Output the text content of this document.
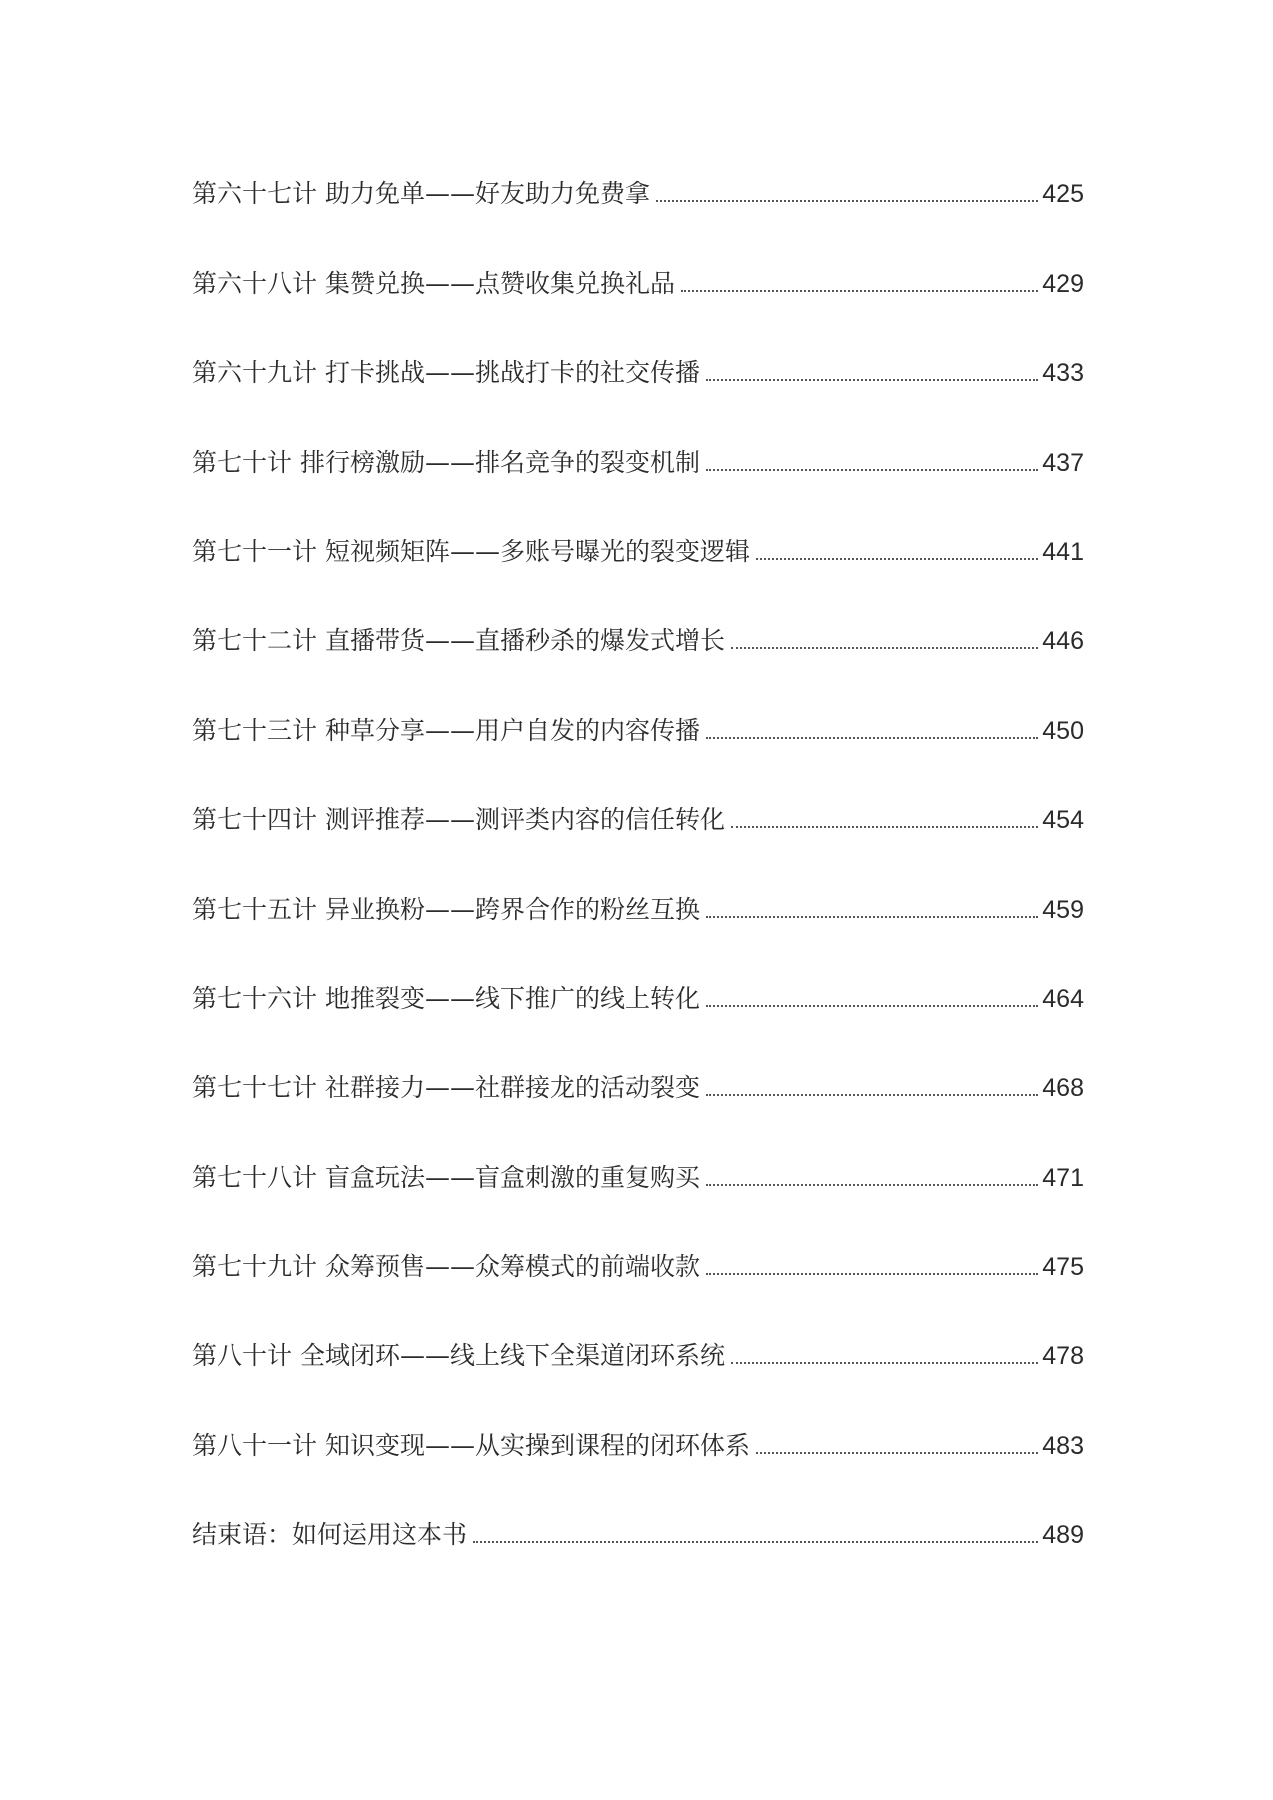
第六十七计 助力免单——好友助力免费拿	425
第六十八计 集赞兑换——点赞收集兑换礼品	429
第六十九计 打卡挑战——挑战打卡的社交传播	433
第七十计 排行榜激励——排名竞争的裂变机制	437
第七十一计 短视频矩阵——多账号曝光的裂变逻辑	441
第七十二计 直播带货——直播秒杀的爆发式增长	446
第七十三计 种草分享——用户自发的内容传播	450
第七十四计 测评推荐——测评类内容的信任转化	454
第七十五计 异业换粉——跨界合作的粉丝互换	459
第七十六计 地推裂变——线下推广的线上转化	464
第七十七计 社群接力——社群接龙的活动裂变	468
第七十八计 盲盒玩法——盲盒刺激的重复购买	471
第七十九计 众筹预售——众筹模式的前端收款	475
第八十计 全域闭环——线上线下全渠道闭环系统	478
第八十一计 知识变现——从实操到课程的闭环体系	483
结束语：如何运用这本书	489
